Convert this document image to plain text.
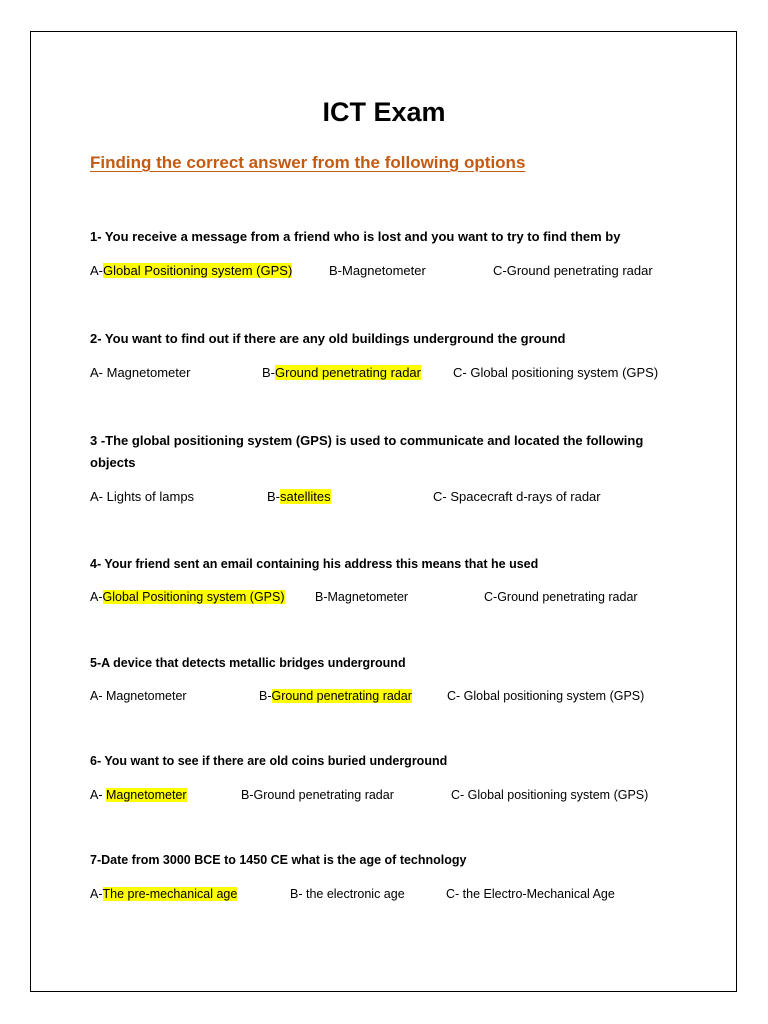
ICT Exam
Finding the correct answer from the following options
1- You receive a message from a friend who is lost and you want to try to find them by
A-Global Positioning system (GPS)	B-Magnetometer	C-Ground penetrating radar
2- You want to find out if there are any old buildings underground the ground
A- Magnetometer	B-Ground penetrating radar C- Global positioning system (GPS)
3 -The global positioning system (GPS) is used to communicate and located the following
objects
A- Lights of lamps	B-satellites	C- Spacecraft d-rays of radar
4- Your friend sent an email containing his address this means that he used
A-Global Positioning system (GPS) B-Magnetometer	C-Ground penetrating radar
5-A device that detects metallic bridges underground
A- Magnetometer	B-Ground penetrating radar	C- Global positioning system (GPS)
6- You want to see if there are old coins buried underground
A- Magnetometer	B-Ground penetrating radar	C- Global positioning system (GPS)
7-Date from 3000 BCE to 1450 CE what is the age of technology
A-The pre-mechanical age	B- the electronic age	C- the Electro-Mechanical Age
